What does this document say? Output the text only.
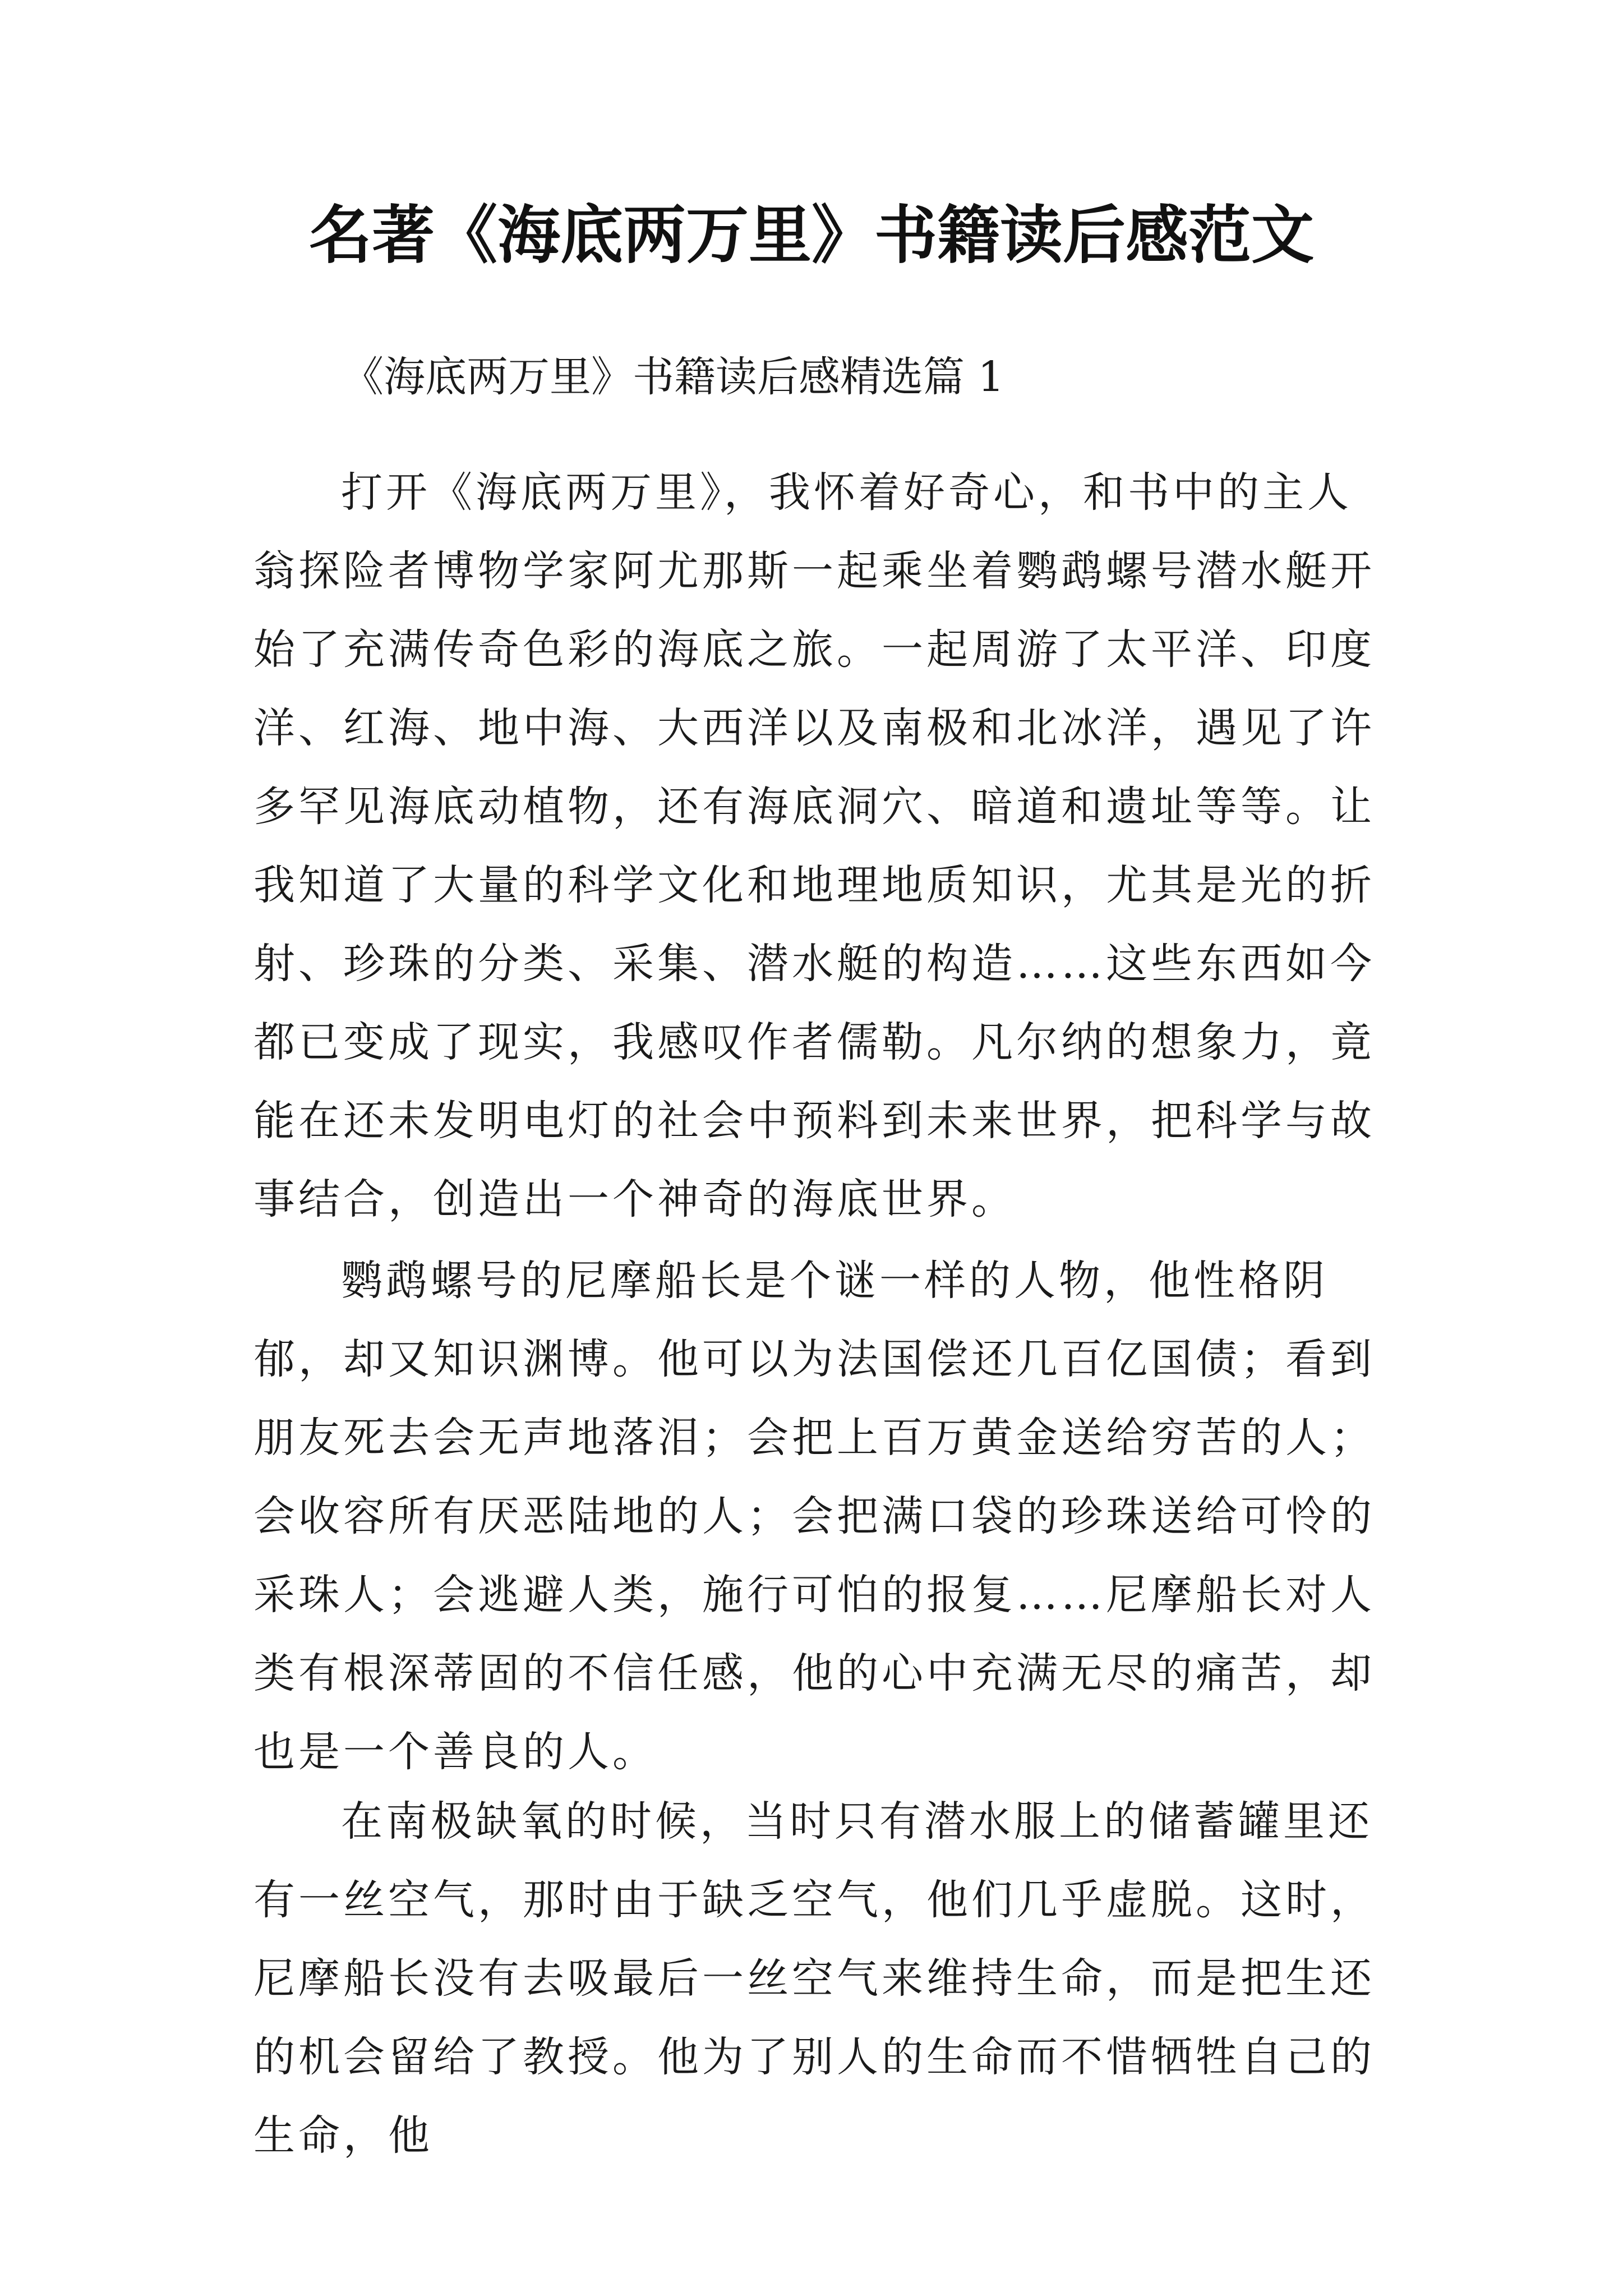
名著《海底两万里》书籍读后感范文

《海底两万里》书籍读后感精选篇 1

打开《海底两万里》，我怀着好奇心，和书中的主人翁探险者博物学家阿尤那斯一起乘坐着鹦鹉螺号潜水艇开始了充满传奇色彩的海底之旅。一起周游了太平洋、印度洋、红海、地中海、大西洋以及南极和北冰洋，遇见了许多罕见海底动植物，还有海底洞穴、暗道和遗址等等。让我知道了大量的科学文化和地理地质知识，尤其是光的折射、珍珠的分类、采集、潜水艇的构造……这些东西如今都已变成了现实，我感叹作者儒勒。凡尔纳的想象力，竟能在还未发明电灯的社会中预料到未来世界，把科学与故事结合，创造出一个神奇的海底世界。

鹦鹉螺号的尼摩船长是个谜一样的人物，他性格阴郁，却又知识渊博。他可以为法国偿还几百亿国债；看到朋友死去会无声地落泪；会把上百万黄金送给穷苦的人；会收容所有厌恶陆地的人；会把满口袋的珍珠送给可怜的采珠人；会逃避人类，施行可怕的报复……尼摩船长对人类有根深蒂固的不信任感，他的心中充满无尽的痛苦，却也是一个善良的人。

在南极缺氧的时候，当时只有潜水服上的储蓄罐里还有一丝空气，那时由于缺乏空气，他们几乎虚脱。这时，尼摩船长没有去吸最后一丝空气来维持生命，而是把生还的机会留给了教授。他为了别人的生命而不惜牺牲自己的生命，他
